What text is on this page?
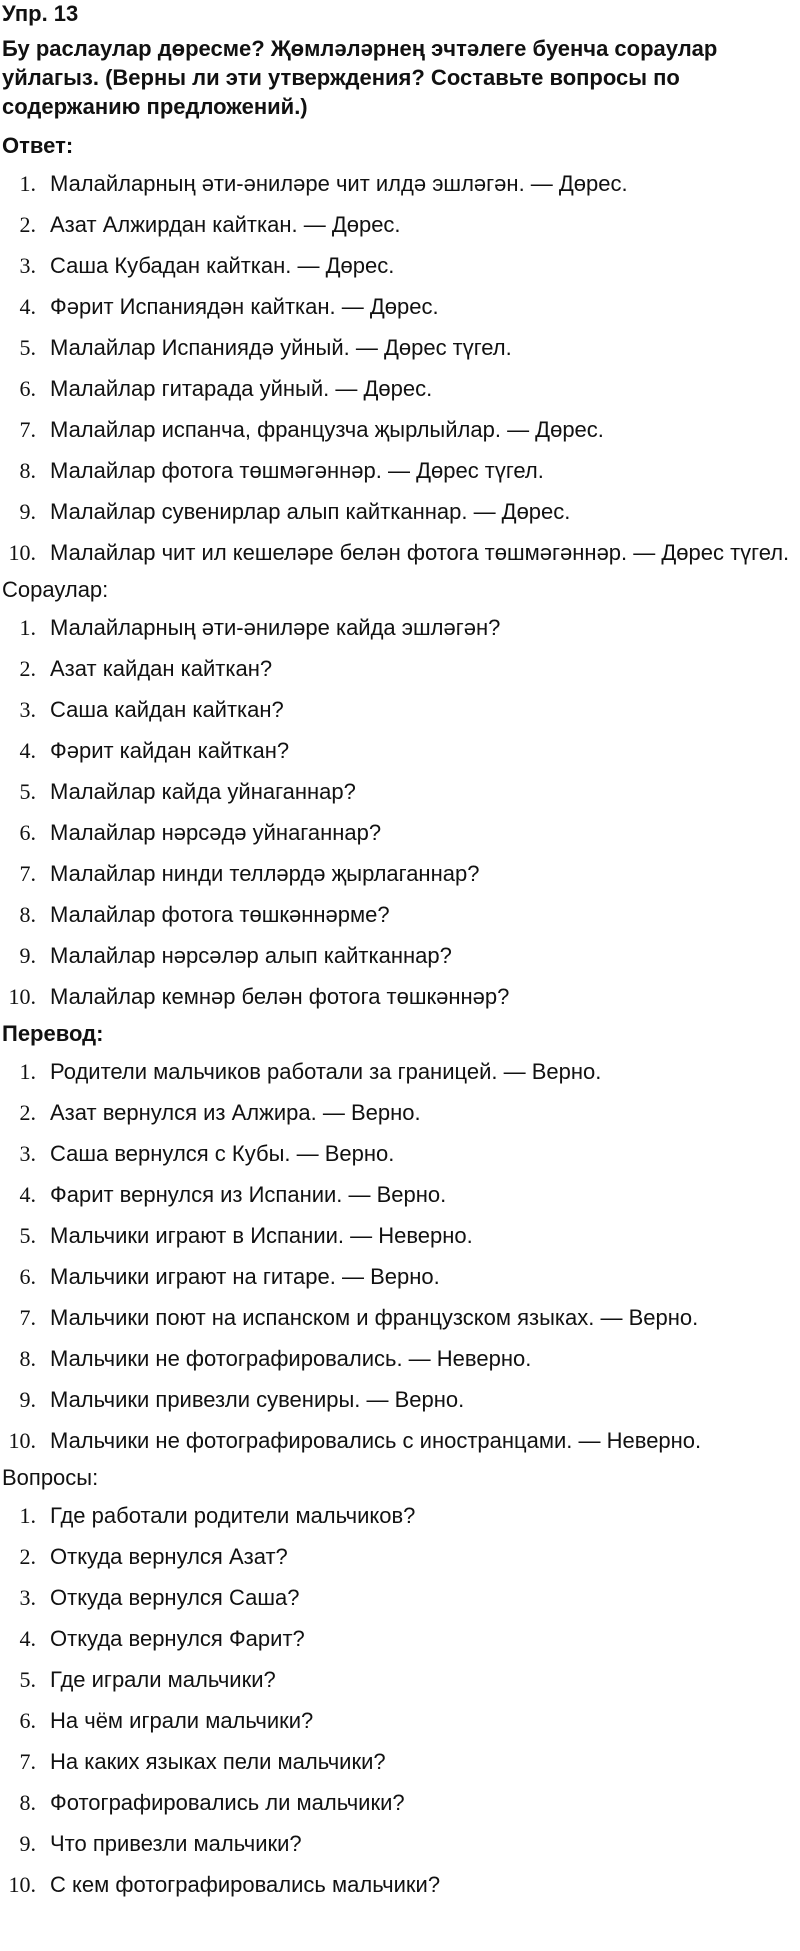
Упр. 13
Бу раслаулар дөресме? Җөмләләрнең эчтәлеге буенча сораулар уйлагыз. (Верны ли эти утверждения? Составьте вопросы по содержанию предложений.)
Ответ:
1 . Малайларның әти-әниләре чит илдә эшләгән. — Дөрес.
2 . Азат Алжирдан кайткан. — Дөрес.
3 . Саша Кубадан кайткан. — Дөрес.
4 . Фәрит Испаниядән кайткан. — Дөрес.
5 . Малайлар Испаниядә уйный. — Дөрес түгел.
6 . Малайлар гитарада уйный. — Дөрес.
7 . Малайлар испанча, французча җырлыйлар. — Дөрес.
8 . Малайлар фотога төшмәгәннәр. — Дөрес түгел.
9 . Малайлар сувенирлар алып кайтканнар. — Дөрес.
10 . Малайлар чит ил кешеләре белән фотога төшмәгәннәр. — Дөрес түгел.
Сораулар:
1 . Малайларның әти-әниләре кайда эшләгән?
2 . Азат кайдан кайткан?
3 . Саша кайдан кайткан?
4 . Фәрит кайдан кайткан?
5 . Малайлар кайда уйнаганнар?
6 . Малайлар нәрсәдә уйнаганнар?
7 . Малайлар нинди телләрдә җырлаганнар?
8 . Малайлар фотога төшкәннәрме?
9 . Малайлар нәрсәләр алып кайтканнар?
10 . Малайлар кемнәр белән фотога төшкәннәр?
Перевод:
1 . Родители мальчиков работали за границей. — Верно.
2 . Азат вернулся из Алжира. — Верно.
3 . Саша вернулся с Кубы. — Верно.
4 . Фарит вернулся из Испании. — Верно.
5 . Мальчики играют в Испании. — Неверно.
6 . Мальчики играют на гитаре. — Верно.
7 . Мальчики поют на испанском и французском языках. — Верно.
8 . Мальчики не фотографировались. — Неверно.
9 . Мальчики привезли сувениры. — Верно.
10 . Мальчики не фотографировались с иностранцами. — Неверно.
Вопросы:
1 . Где работали родители мальчиков?
2 . Откуда вернулся Азат?
3 . Откуда вернулся Саша?
4 . Откуда вернулся Фарит?
5 . Где играли мальчики?
6 . На чём играли мальчики?
7 . На каких языках пели мальчики?
8 . Фотографировались ли мальчики?
9 . Что привезли мальчики?
10 . С кем фотографировались мальчики?
